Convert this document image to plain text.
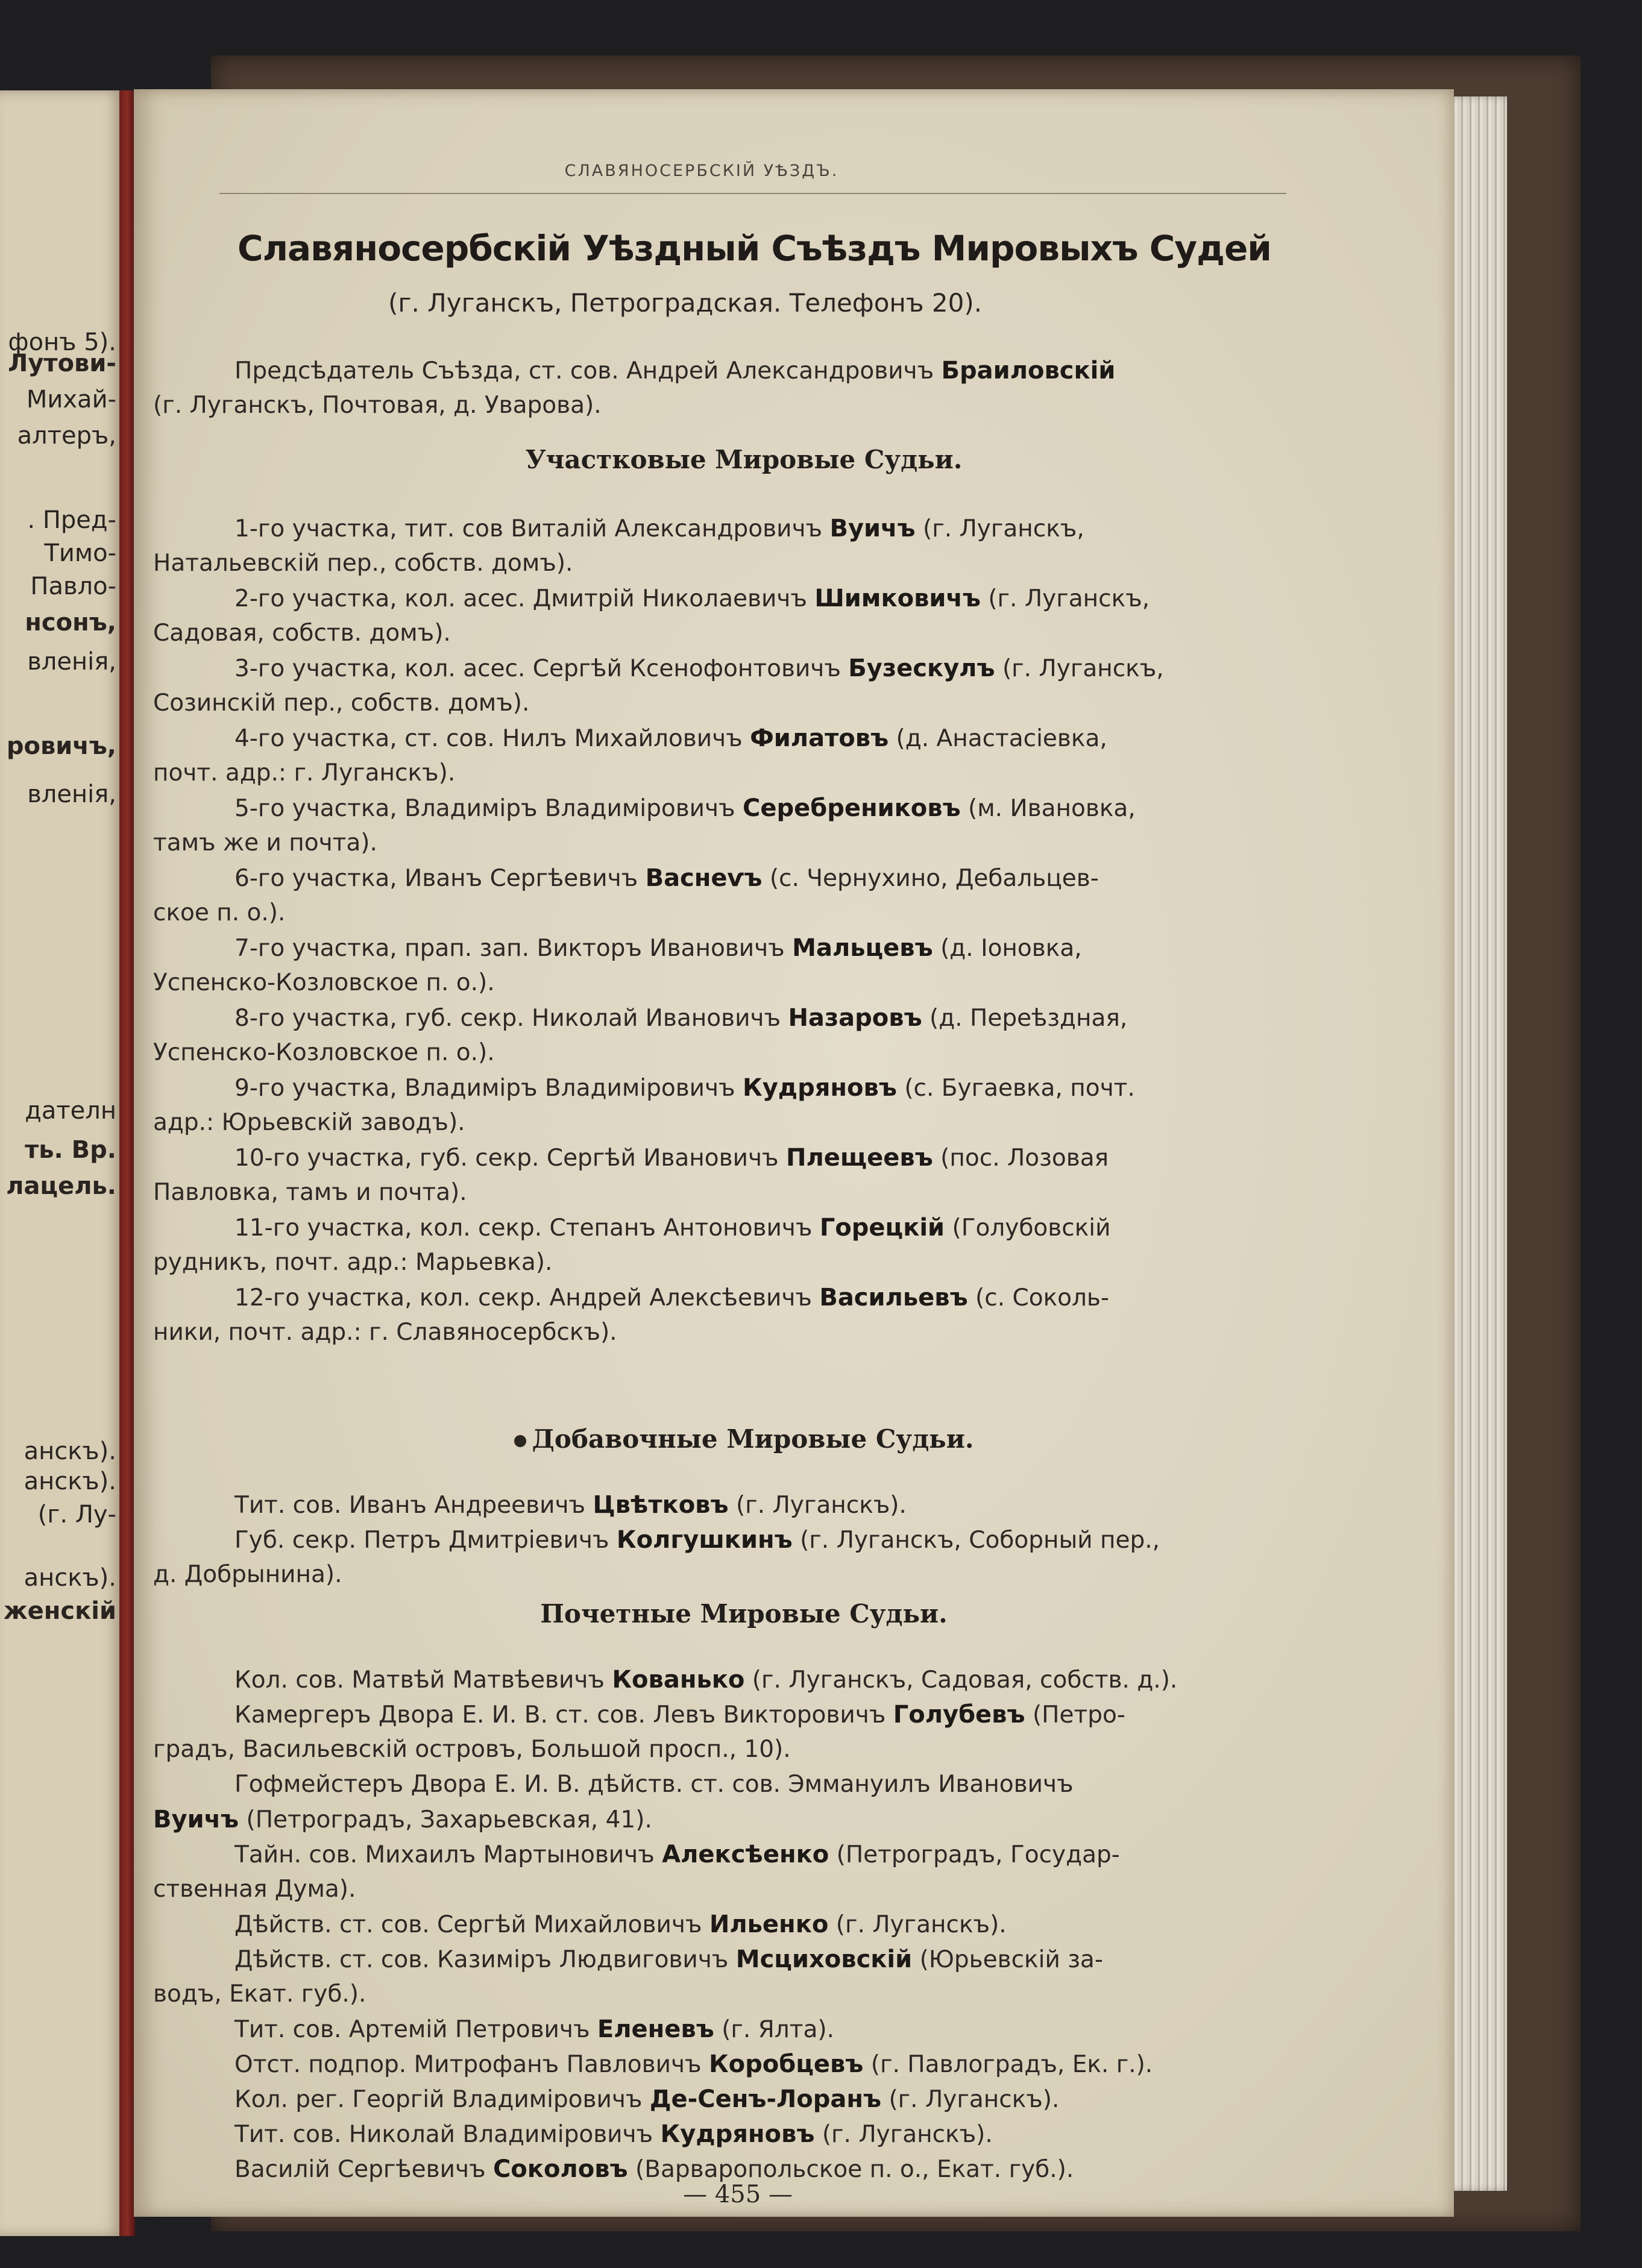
фонъ 5).
Лутови-
Михай-
алтеръ,
. Пред-
Тимо-
Павло-
нсонъ,
вленія,
ровичъ,
вленія,
дателн
ть. Вр.
лацель.
анскъ).
анскъ).
(г. Лу-
анскъ).
женскій
СЛАВЯНОСЕРБСКІЙ УѢЗДЪ.
Славяносербскій Уѣздный Съѣздъ Мировыхъ Судей
(г. Луганскъ, Петроградская. Телефонъ 20).
Предсѣдатель Съѣзда, ст. сов. Андрей Александровичъ Браиловскій
(г. Луганскъ, Почтовая, д. Уварова).
Участковые Мировые Судьи.
1-го участка, тит. сов Виталій Александровичъ Вуичъ (г. Луганскъ,
Натальевскій пер., собств. домъ).
2-го участка, кол. асес. Дмитрій Николаевичъ Шимковичъ (г. Луганскъ,
Садовая, собств. домъ).
3-го участка, кол. асес. Сергѣй Ксенофонтовичъ Бузескулъ (г. Луганскъ,
Созинскій пер., собств. домъ).
4-го участка, ст. сов. Нилъ Михайловичъ Филатовъ (д. Анастасіевка,
почт. адр.: г. Луганскъ).
5-го участка, Владиміръ Владиміровичъ Серебрениковъ (м. Ивановка,
тамъ же и почта).
6-го участка, Иванъ Сергѣевичъ Васнеѵъ (с. Чернухино, Дебальцев-
ское п. о.).
7-го участка, прап. зап. Викторъ Ивановичъ Мальцевъ (д. Іоновка,
Успенско-Козловское п. о.).
8-го участка, губ. секр. Николай Ивановичъ Назаровъ (д. Переѣздная,
Успенско-Козловское п. о.).
9-го участка, Владиміръ Владиміровичъ Кудряновъ (с. Бугаевка, почт.
адр.: Юрьевскій заводъ).
10-го участка, губ. секр. Сергѣй Ивановичъ Плещеевъ (пос. Лозовая
Павловка, тамъ и почта).
11-го участка, кол. секр. Степанъ Антоновичъ Горецкій (Голубовскій
рудникъ, почт. адр.: Марьевка).
12-го участка, кол. секр. Андрей Алексѣевичъ Васильевъ (с. Соколь-
ники, почт. адр.: г. Славяносербскъ).
Добавочные Мировые Судьи.
Тит. сов. Иванъ Андреевичъ Цвѣтковъ (г. Луганскъ).
Губ. секр. Петръ Дмитріевичъ Колгушкинъ (г. Луганскъ, Соборный пер.,
д. Добрынина).
Почетные Мировые Судьи.
Кол. сов. Матвѣй Матвѣевичъ Кованько (г. Луганскъ, Садовая, собств. д.).
Камергеръ Двора Е. И. В. ст. сов. Левъ Викторовичъ Голубевъ (Петро-
градъ, Васильевскій островъ, Большой просп., 10).
Гофмейстеръ Двора Е. И. В. дѣйств. ст. сов. Эммануилъ Ивановичъ
Вуичъ (Петроградъ, Захарьевская, 41).
Тайн. сов. Михаилъ Мартыновичъ Алексѣенко (Петроградъ, Государ-
ственная Дума).
Дѣйств. ст. сов. Сергѣй Михайловичъ Ильенко (г. Луганскъ).
Дѣйств. ст. сов. Казиміръ Людвиговичъ Мсциховскій (Юрьевскій за-
водъ, Екат. губ.).
Тит. сов. Артемій Петровичъ Еленевъ (г. Ялта).
Отст. подпор. Митрофанъ Павловичъ Коробцевъ (г. Павлоградъ, Ек. г.).
Кол. рег. Георгій Владиміровичъ Де-Сенъ-Лоранъ (г. Луганскъ).
Тит. сов. Николай Владиміровичъ Кудряновъ (г. Луганскъ).
Василій Сергѣевичъ Соколовъ (Варваропольское п. о., Екат. губ.).
— 455 —
